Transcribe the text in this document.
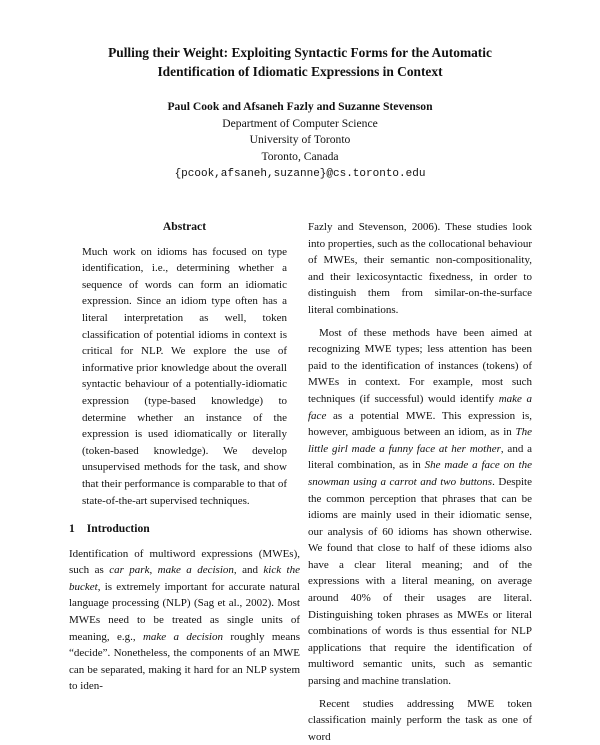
Pulling their Weight: Exploiting Syntactic Forms for the Automatic
Identification of Idiomatic Expressions in Context
Paul Cook and Afsaneh Fazly and Suzanne Stevenson
Department of Computer Science
University of Toronto
Toronto, Canada
{pcook,afsaneh,suzanne}@cs.toronto.edu
Abstract

Much work on idioms has focused on type identification, i.e., determining whether a sequence of words can form an idiomatic expression. Since an idiom type often has a literal interpretation as well, token classification of potential idioms in context is critical for NLP. We explore the use of informative prior knowledge about the overall syntactic behaviour of a potentially-idiomatic expression (type-based knowledge) to determine whether an instance of the expression is used idiomatically or literally (token-based knowledge). We develop unsupervised methods for the task, and show that their performance is comparable to that of state-of-the-art supervised techniques.

1 Introduction

Identification of multiword expressions (MWEs), such as car park, make a decision, and kick the bucket, is extremely important for accurate natural language processing (NLP) (Sag et al., 2002). Most MWEs need to be treated as single units of meaning, e.g., make a decision roughly means “decide”. Nonetheless, the components of an MWE can be separated, making it hard for an NLP system to iden-

Fazly and Stevenson, 2006). These studies look into properties, such as the collocational behaviour of MWEs, their semantic non-compositionality, and their lexicosyntactic fixedness, in order to distinguish them from similar-on-the-surface literal combinations.

Most of these methods have been aimed at recognizing MWE types; less attention has been paid to the identification of instances (tokens) of MWEs in context. For example, most such techniques (if successful) would identify make a face as a potential MWE. This expression is, however, ambiguous between an idiom, as in The little girl made a funny face at her mother, and a literal combination, as in She made a face on the snowman using a carrot and two buttons. Despite the common perception that phrases that can be idioms are mainly used in their idiomatic sense, our analysis of 60 idioms has shown otherwise. We found that close to half of these idioms also have a clear literal meaning; and of the expressions with a literal meaning, on average around 40% of their usages are literal. Distinguishing token phrases as MWEs or literal combinations of words is thus essential for NLP applications that require the identification of multiword semantic units, such as semantic parsing and machine translation.

Recent studies addressing MWE token classification mainly perform the task as one of word
